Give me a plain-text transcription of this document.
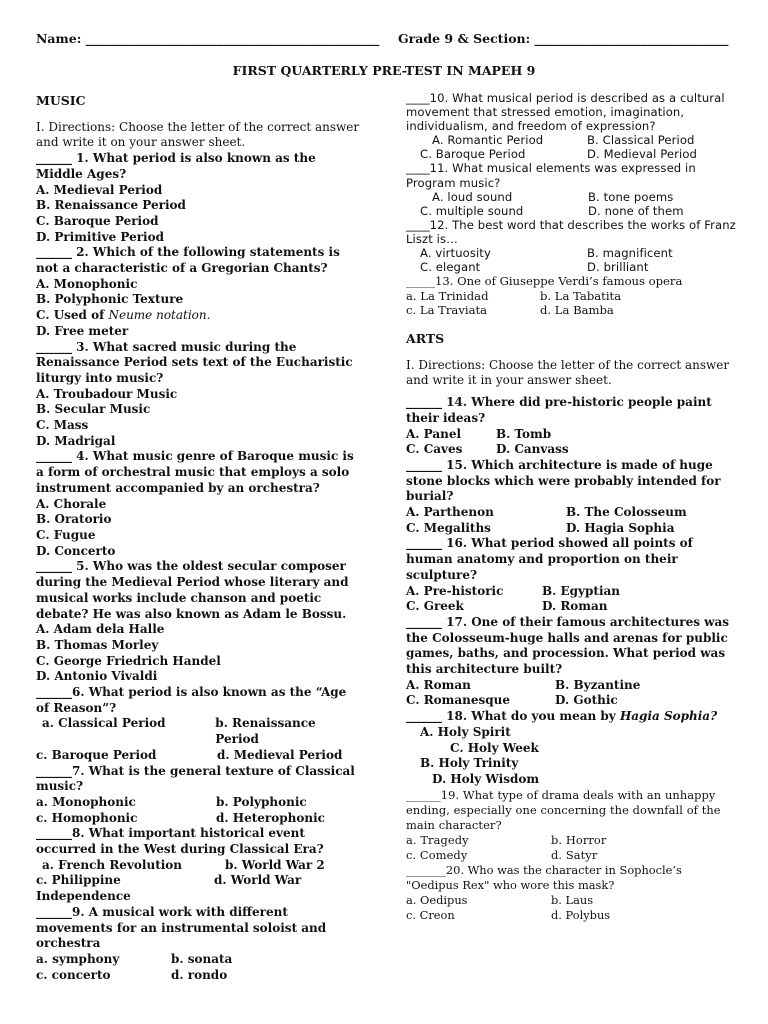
Name: _______________________________________________ Grade 9 & Section: _______________________________
FIRST QUARTERLY PRE-TEST IN MAPEH 9
MUSIC
I. Directions: Choose the letter of the correct answer and write it on your answer sheet.
______ 1. What period is also known as the Middle Ages?
A. Medieval Period
B. Renaissance Period
C. Baroque Period
D. Primitive Period
______ 2. Which of the following statements is not a characteristic of a Gregorian Chants?
A. Monophonic
B. Polyphonic Texture
C. Used of Neume notation.
D. Free meter
______ 3. What sacred music during the Renaissance Period sets text of the Eucharistic liturgy into music?
A. Troubadour Music
B. Secular Music
C. Mass
D. Madrigal
______ 4. What music genre of Baroque music is a form of orchestral music that employs a solo instrument accompanied by an orchestra?
A. Chorale
B. Oratorio
C. Fugue
D. Concerto
______ 5. Who was the oldest secular composer during the Medieval Period whose literary and musical works include chanson and poetic debate? He was also known as Adam le Bossu.
A. Adam dela Halle
B. Thomas Morley
C. George Friedrich Handel
D. Antonio Vivaldi
______6. What period is also known as the “Age of Reason”?
a. Classical Period	b. Renaissance Period
c. Baroque Period	d. Medieval Period
______7. What is the general texture of Classical music?
a. Monophonic	b. Polyphonic
c. Homophonic	d. Heterophonic
______8. What important historical event occurred in the West during Classical Era?
a. French Revolution	b. World War 2
c. Philippine Independence
d. World War
______9. A musical work with different movements for an instrumental soloist and orchestra
a. symphony	b. sonata
c. concerto	d. rondo
____10. What musical period is described as a cultural movement that stressed emotion, imagination, individualism, and freedom of expression?
A. Romantic Period	B. Classical Period
C. Baroque Period	D. Medieval Period
____11. What musical elements was expressed in Program music?
A. loud sound	B. tone poems
C. multiple sound	D. none of them
____12. The best word that describes the works of Franz Liszt is…
A. virtuosity	B. magnificent
C. elegant	D. brilliant
_____13. One of Giuseppe Verdi’s famous opera
a. La Trinidad	b. La Tabatita
c. La Traviata	d. La Bamba
ARTS
I. Directions: Choose the letter of the correct answer and write it in your answer sheet.
______ 14. Where did pre-historic people paint their ideas?
A. Panel	B. Tomb
C. Caves	D. Canvass
______ 15. Which architecture is made of huge stone blocks which were probably intended for burial?
A. Parthenon	B. The Colosseum
C. Megaliths	D. Hagia Sophia
______ 16. What period showed all points of human anatomy and proportion on their sculpture?
A. Pre-historic	B. Egyptian
C. Greek	D. Roman
______ 17. One of their famous architectures was the Colosseum-huge halls and arenas for public games, baths, and procession. What period was this architecture built?
A. Roman	B. Byzantine
C. Romanesque	D. Gothic
______ 18. What do you mean by Hagia Sophia?
A. Holy Spirit
C. Holy Week
B. Holy Trinity
D. Holy Wisdom
______19. What type of drama deals with an unhappy ending, especially one concerning the downfall of the main character?
a. Tragedy	b. Horror
c. Comedy	d. Satyr
_______20. Who was the character in Sophocle’s "Oedipus Rex" who wore this mask?
a. Oedipus	b. Laus
c. Creon	d. Polybus
